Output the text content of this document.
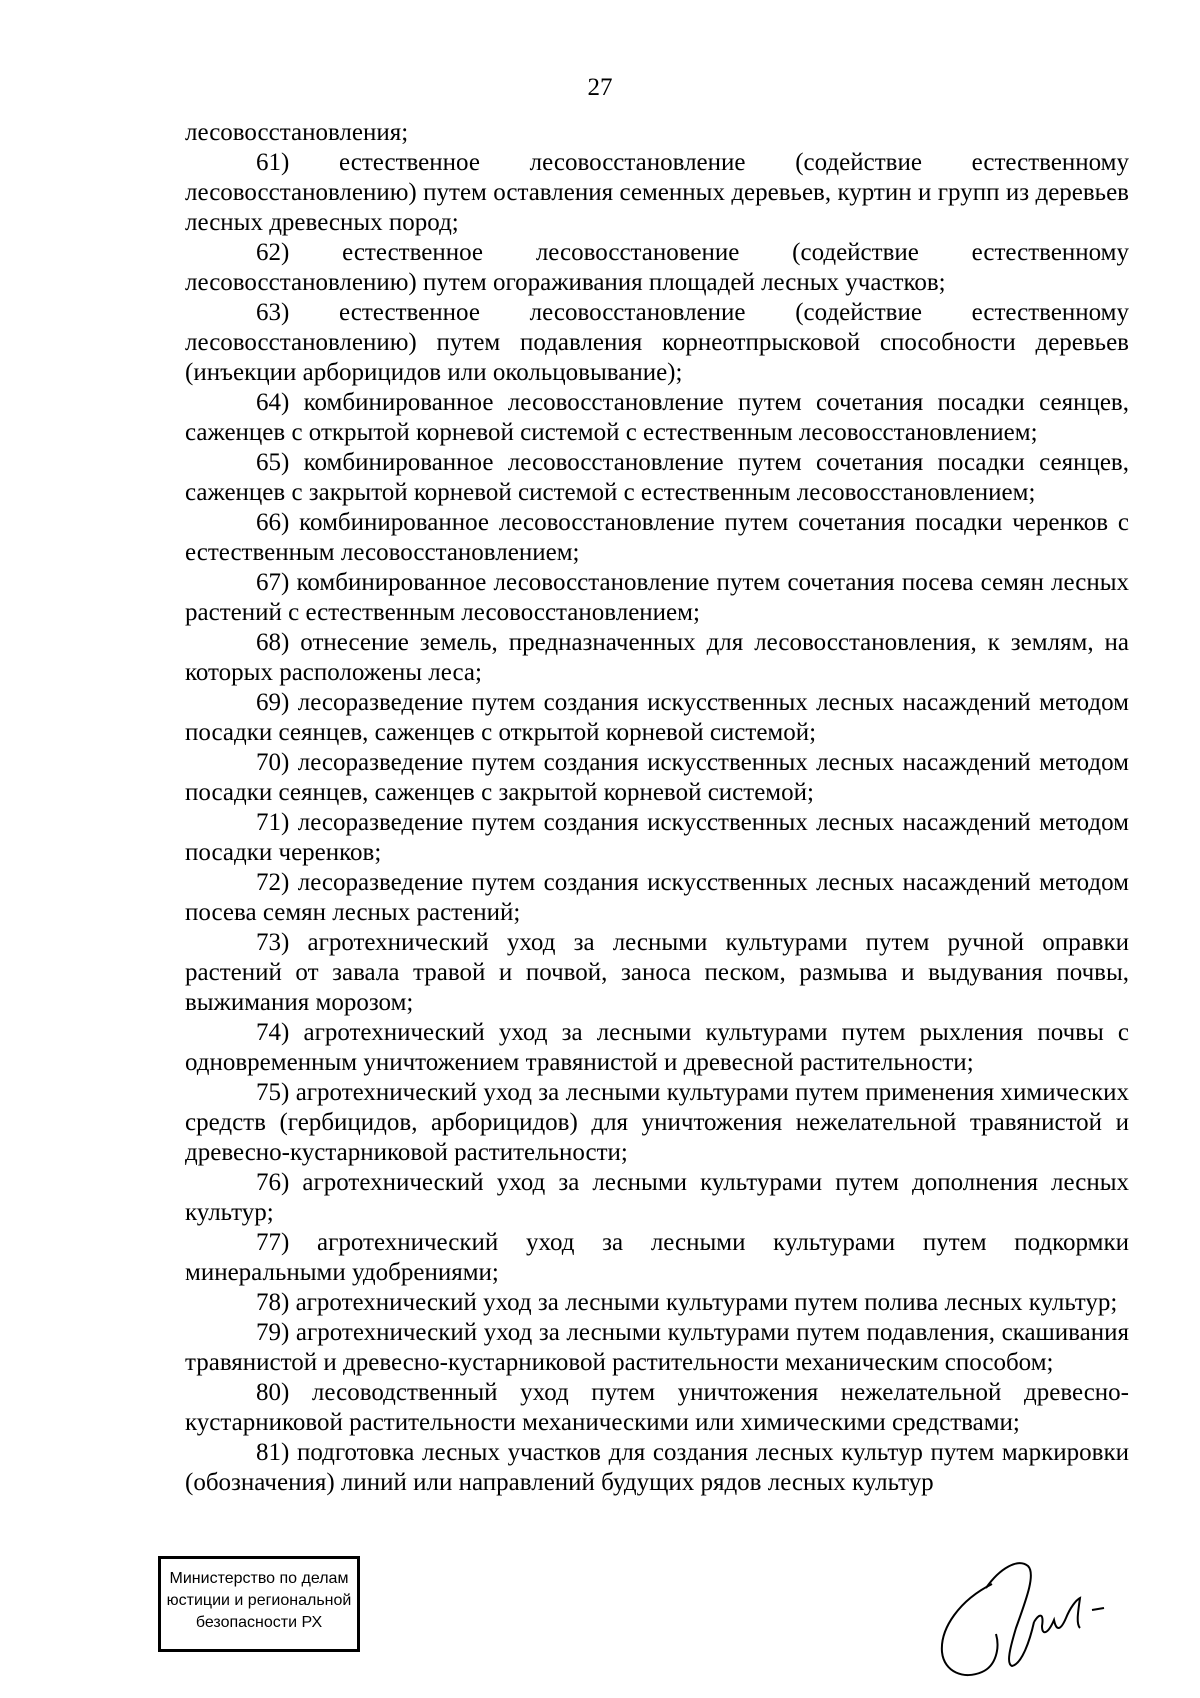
27

лесовосстановления;

61) естественное лесовосстановление (содействие естественному лесовосстановлению) путем оставления семенных деревьев, куртин и групп из деревьев лесных древесных пород;

62) естественное лесовосстановение (содействие естественному лесовосстановлению) путем огораживания площадей лесных участков;

63) естественное лесовосстановление (содействие естественному лесовосстановлению) путем подавления корнеотпрысковой способности деревьев (инъекции арборицидов или окольцовывание);

64) комбинированное лесовосстановление путем сочетания посадки сеянцев, саженцев с открытой корневой системой с естественным лесовосстановлением;

65) комбинированное лесовосстановление путем сочетания посадки сеянцев, саженцев с закрытой корневой системой с естественным лесовосстановлением;

66) комбинированное лесовосстановление путем сочетания посадки черенков с естественным лесовосстановлением;

67) комбинированное лесовосстановление путем сочетания посева семян лесных растений с естественным лесовосстановлением;

68) отнесение земель, предназначенных для лесовосстановления, к землям, на которых расположены леса;

69) лесоразведение путем создания искусственных лесных насаждений методом посадки сеянцев, саженцев с открытой корневой системой;

70) лесоразведение путем создания искусственных лесных насаждений методом посадки сеянцев, саженцев с закрытой корневой системой;

71) лесоразведение путем создания искусственных лесных насаждений методом посадки черенков;

72) лесоразведение путем создания искусственных лесных насаждений методом посева семян лесных растений;

73) агротехнический уход за лесными культурами путем ручной оправки растений от завала травой и почвой, заноса песком, размыва и выдувания почвы, выжимания морозом;

74) агротехнический уход за лесными культурами путем рыхления почвы с одновременным уничтожением травянистой и древесной растительности;

75) агротехнический уход за лесными культурами путем применения химических средств (гербицидов, арборицидов) для уничтожения нежелательной травянистой и древесно-кустарниковой растительности;

76) агротехнический уход за лесными культурами путем дополнения лесных культур;

77) агротехнический уход за лесными культурами путем подкормки минеральными удобрениями;

78) агротехнический уход за лесными культурами путем полива лесных культур;

79) агротехнический уход за лесными культурами путем подавления, скашивания травянистой и древесно-кустарниковой растительности механическим способом;

80) лесоводственный уход путем уничтожения нежелательной древесно-кустарниковой растительности механическими или химическими средствами;

81) подготовка лесных участков для создания лесных культур путем маркировки (обозначения) линий или направлений будущих рядов лесных культур

Министерство по делам
юстиции и региональной
безопасности РХ
